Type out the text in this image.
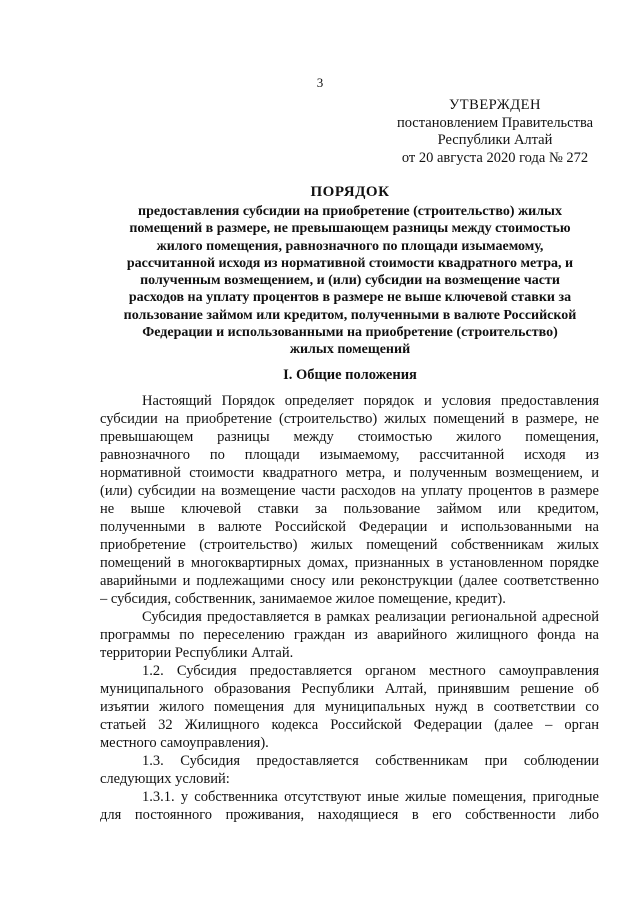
3
УТВЕРЖДЕН
постановлением Правительства
Республики Алтай
от 20 августа 2020 года № 272
ПОРЯДОК
предоставления субсидии на приобретение (строительство) жилых
помещений в размере, не превышающем разницы между стоимостью
жилого помещения, равнозначного по площади изымаемому,
рассчитанной исходя из нормативной стоимости квадратного метра, и
полученным возмещением, и (или) субсидии на возмещение части
расходов на уплату процентов в размере не выше ключевой ставки за
пользование займом или кредитом, полученными в валюте Российской
Федерации и использованными на приобретение (строительство)
жилых помещений
I. Общие положения
Настоящий Порядок определяет порядок и условия предоставления
субсидии на приобретение (строительство) жилых помещений в размере, не
превышающем разницы между стоимостью жилого помещения,
равнозначного по площади изымаемому, рассчитанной исходя из
нормативной стоимости квадратного метра, и полученным возмещением, и
(или) субсидии на возмещение части расходов на уплату процентов в размере
не выше ключевой ставки за пользование займом или кредитом,
полученными в валюте Российской Федерации и использованными на
приобретение (строительство) жилых помещений собственникам жилых
помещений в многоквартирных домах, признанных в установленном порядке
аварийными и подлежащими сносу или реконструкции (далее соответственно
– субсидия, собственник, занимаемое жилое помещение, кредит).
Субсидия предоставляется в рамках реализации региональной адресной
программы по переселению граждан из аварийного жилищного фонда на
территории Республики Алтай.
1.2. Субсидия предоставляется органом местного самоуправления
муниципального образования Республики Алтай, принявшим решение об
изъятии жилого помещения для муниципальных нужд в соответствии со
статьей 32 Жилищного кодекса Российской Федерации (далее – орган
местного самоуправления).
1.3. Субсидия предоставляется собственникам при соблюдении
следующих условий:
1.3.1. у собственника отсутствуют иные жилые помещения, пригодные
для постоянного проживания, находящиеся в его собственности либо
